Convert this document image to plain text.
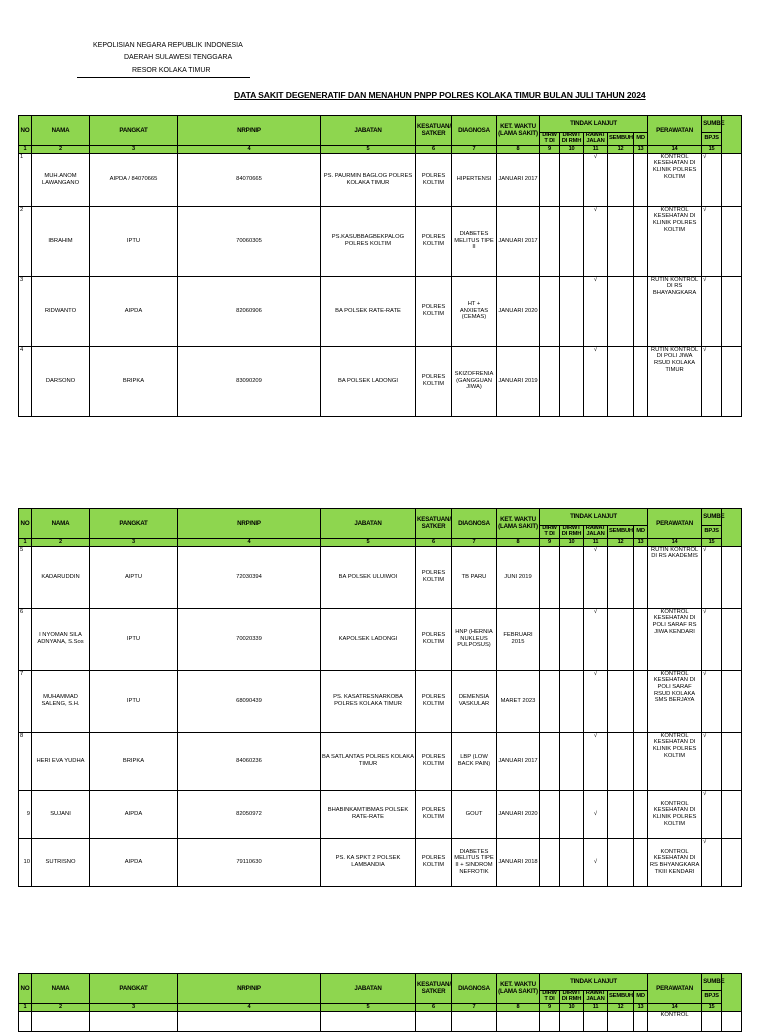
KEPOLISIAN NEGARA REPUBLIK INDONESIA
DAERAH SULAWESI TENGGARA
RESOR KOLAKA TIMUR
DATA SAKIT DEGENERATIF DAN MENAHUN PNPP POLRES KOLAKA TIMUR BULAN JULI TAHUN 2024
NO	NAMA	PANGKAT	NRP/NIP	JABATAN	KESATUAN/ SATKER	DIAGNOSA	KET. WAKTU (LAMA SAKIT)	TINDAK LANJUT					PERAWATAN	SUMBE	
								DIRW T DI	DIRWT DI RMH	RAWAT JALAN	SEMBUH	MD		BPJS	
1	2	3	4	5	6	7	8	9	10	11	12	13	14	15	
1	MUH.ANOM LAWANGANO	AIPDA / 84070665	84070665	PS. PAURMIN BAGLOG POLRES KOLAKA TIMUR	POLRES KOLTIM	HIPERTENSI	JANUARI 2017			√			KONTROL KESEHATAN DI KLINIK POLRES KOLTIM	√	
2	IBRAHIM	IPTU	70060305	PS.KASUBBAGBEKPALOG POLRES KOLTIM	POLRES KOLTIM	DIABETES MELITUS TIPE II	JANUARI 2017			√			KONTROL KESEHATAN DI KLINIK POLRES KOLTIM	√	
3	RIDWANTO	AIPDA	82060906	BA POLSEK RATE-RATE	POLRES KOLTIM	HT + ANXIETAS (CEMAS)	JANUARI 2020			√			RUTIN KONTROL DI RS BHAYANGKARA	√	
4	DARSONO	BRIPKA	83090209	BA POLSEK LADONGI	POLRES KOLTIM	SKIZOFRENIA (GANGGUAN JIWA)	JANUARI 2019			√			RUTIN KONTROL DI POLI JIWA RSUD KOLAKA TIMUR	√	
NO	NAMA	PANGKAT	NRP/NIP	JABATAN	KESATUAN/ SATKER	DIAGNOSA	KET. WAKTU (LAMA SAKIT)	TINDAK LANJUT					PERAWATAN	SUMBE	
								DIRW T DI	DIRWT DI RMH	RAWAT JALAN	SEMBUH	MD		BPJS	
1	2	3	4	5	6	7	8	9	10	11	12	13	14	15	
5	KADARUDDIN	AIPTU	72030394	BA POLSEK ULUIWOI	POLRES KOLTIM	TB PARU	JUNI 2019			√			RUTIN KONTROL DI RS AKADEMIS	√	
6	I NYOMAN SILA ADNYANA, S.Sos	IPTU	70020339	KAPOLSEK LADONGI	POLRES KOLTIM	HNP (HERNIA NUKLEUS PULPOSUS)	FEBRUARI 2015			√			KONTROL KESEHATAN DI POLI SARAF RS JIWA KENDARI	√	
7	MUHAMMAD SALENG, S.H.	IPTU	68090439	PS. KASATRESNARKOBA POLRES KOLAKA TIMUR	POLRES KOLTIM	DEMENSIA VASKULAR	MARET 2023			√			KONTROL KESEHATAN DI POLI SARAF RSUD KOLAKA SMS BERJAYA	√	
8	HERI EVA YUDHA	BRIPKA	84060236	BA SATLANTAS POLRES KOLAKA TIMUR	POLRES KOLTIM	LBP (LOW BACK PAIN)	JANUARI 2017			√			KONTROL KESEHATAN DI KLINIK POLRES KOLTIM	√	
9	SUJANI	AIPDA	82050972	BHABINKAMTIBMAS POLSEK RATE-RATE	POLRES KOLTIM	GOUT	JANUARI 2020			√			KONTROL KESEHATAN DI KLINIK POLRES KOLTIM	√	
10	SUTRISNO	AIPDA	79110630	PS. KA SPKT 2 POLSEK LAMBANDIA	POLRES KOLTIM	DIABETES MELITUS TIPE II + SINDROM NEFROTIK	JANUARI 2018			√			KONTROL KESEHATAN DI RS BHYANGKARA TKIII KENDARI	√	
NO	NAMA	PANGKAT	NRP/NIP	JABATAN	KESATUAN/ SATKER	DIAGNOSA	KET. WAKTU (LAMA SAKIT)	TINDAK LANJUT					PERAWATAN	SUMBE	
								DIRW T DI	DIRWT DI RMH	RAWAT JALAN	SEMBUH	MD		BPJS	
1	2	3	4	5	6	7	8	9	10	11	12	13	14	15	
													KONTROL		
